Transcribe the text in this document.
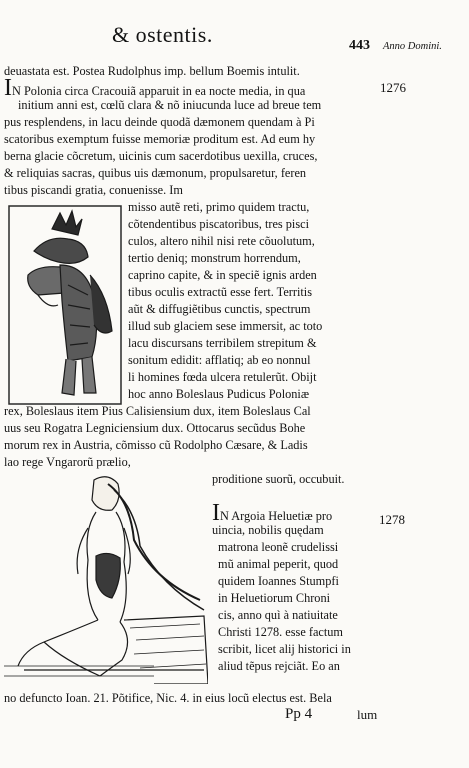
& ostentis.	443 Anno Domini.
1276
1278
deuastata est. Postea Rudolphus imp. bellum Boemis intulit.
IN Polonia circa Cracouiã apparuit in ea nocte media, in qua
initium anni est, cœlũ clara & nõ iniucunda luce ad breue tem
pus resplendens, in lacu deinde quodã dæmonem quendam à Pi
scatoribus exemptum fuisse memoriæ proditum est. Ad eum hy
berna glacie cõcretum, uicinis cum sacerdotibus uexilla, cruces,
& reliquias sacras, quibus uis dæmonum, propulsaretur, feren
tibus piscandi gratia, conuenisse. Im
misso autẽ reti, primo quidem tractu,
cõtendentibus piscatoribus, tres pisci
culos, altero nihil nisi rete cõuolutum,
tertio deniq; monstrum horrendum,
caprino capite, & in speciẽ ignis arden
tibus oculis extractũ esse fert. Territis
aũt & diffugiẽtibus cunctis, spectrum
illud sub glaciem sese immersit, ac toto
lacu discursans terribilem strepitum &
sonitum edidit: afflatiq; ab eo nonnul
li homines fœda ulcera retulerũt. Obijt
hoc anno Boleslaus Pudicus Poloniæ
rex, Boleslaus item Pius Calisiensium dux, item Boleslaus Cal
uus seu Rogatra Legniciensium dux. Ottocarus secũdus Bohe
morum rex in Austria, cõmisso cũ Rodolpho Cæsare, & Ladis
lao rege Vngarorũ prælio,
proditione suorũ, occubuit.
IN Argoia Heluetiæ pro
uincia, nobilis quędam
matrona leonẽ crudelissi
mũ animal peperit, quod
quidem Ioannes Stumpfi
in Heluetiorum Chroni
cis, anno quì à natiuitate
Christi 1278. esse factum
scribit, licet alij historici in
aliud tẽpus rejciãt. Eo an
no defuncto Ioan. 21. Põtifice, Nic. 4. in eius locũ electus est. Bela
Pp 4	lum
